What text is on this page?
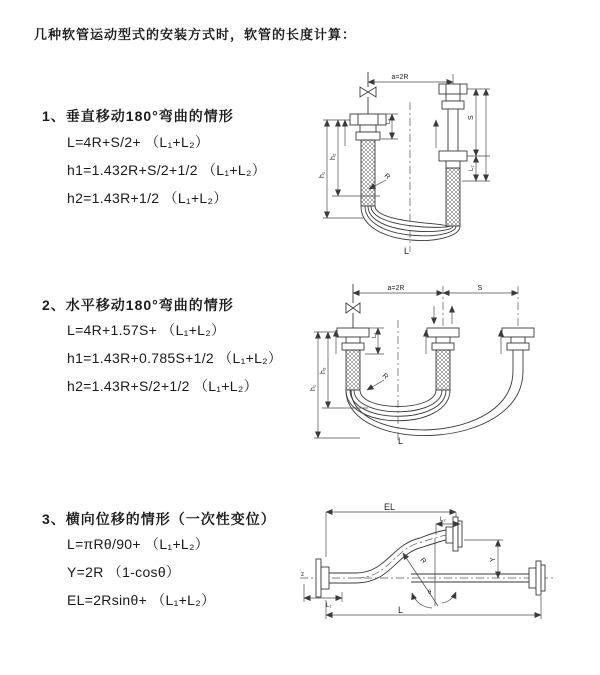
几种软管运动型式的安装方式时，软管的长度计算：
1、垂直移动180°弯曲的情形
L=4R+S/2+ （L₁+L₂）
h1=1.432R+S/2+1/2 （L₁+L₂）
h2=1.43R+1/2 （L₁+L₂）
2、水平移动180°弯曲的情形
L=4R+1.57S+ （L₁+L₂）
h1=1.43R+0.785S+1/2 （L₁+L₂）
h2=1.43R+S/2+1/2 （L₁+L₂）
3、横向位移的情形（一次性变位）
L=πRθ/90+ （L₁+L₂）
Y=2R （1-cosθ）
EL=2Rsinθ+ （L₁+L₂）
a=2R
h₁
h₂
L₁
S
L₂
R
L
a=2R	S
h₁
h₂
L₁
R
L
z
EL
L₂
Y
θ
R
L₁	L
